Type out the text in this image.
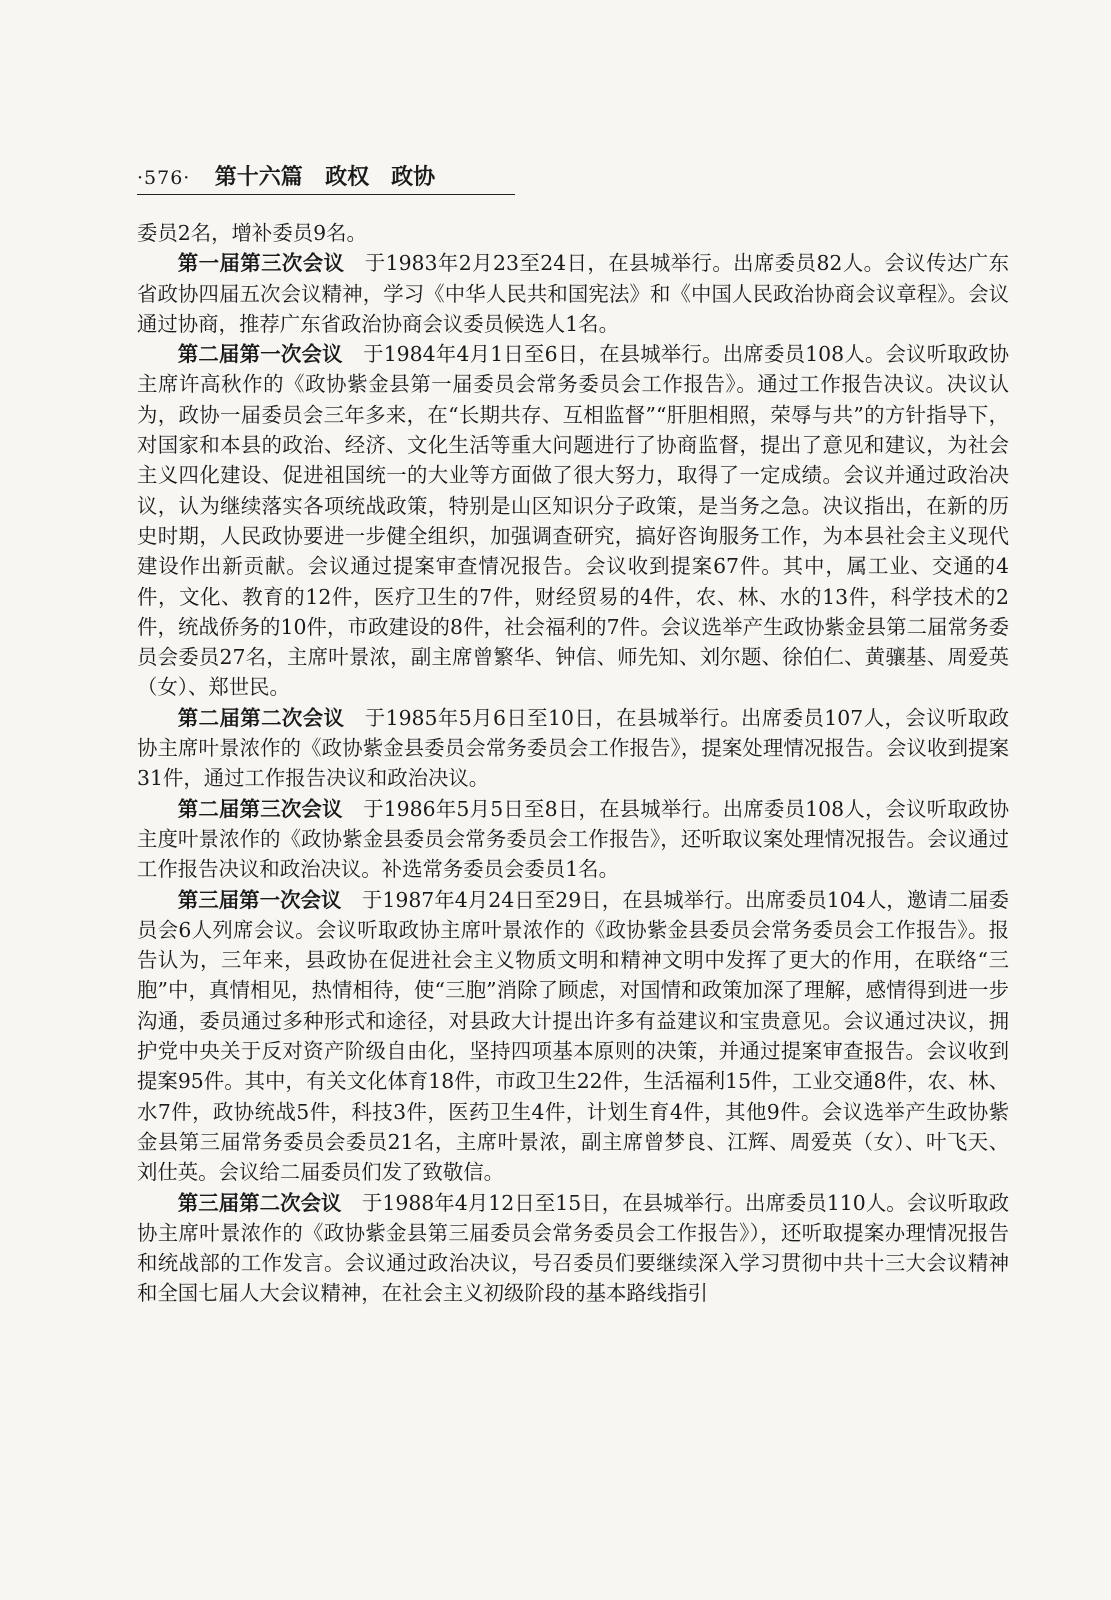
·576· 第十六篇 政权　政协

委员2名，增补委员9名。

第一届第三次会议 于1983年2月23至24日，在县城举行。出席委员82人。会议传达广东省政协四届五次会议精神，学习《中华人民共和国宪法》和《中国人民政治协商会议章程》。会议通过协商，推荐广东省政治协商会议委员候选人1名。

第二届第一次会议 于1984年4月1日至6日，在县城举行。出席委员108人。会议听取政协主席许高秋作的《政协紫金县第一届委员会常务委员会工作报告》。通过工作报告决议。决议认为，政协一届委员会三年多来，在“长期共存、互相监督”“肝胆相照，荣辱与共”的方针指导下，对国家和本县的政治、经济、文化生活等重大问题进行了协商监督，提出了意见和建议，为社会主义四化建设、促进祖国统一的大业等方面做了很大努力，取得了一定成绩。会议并通过政治决议，认为继续落实各项统战政策，特别是山区知识分子政策，是当务之急。决议指出，在新的历史时期，人民政协要进一步健全组织，加强调查研究，搞好咨询服务工作，为本县社会主义现代建设作出新贡献。会议通过提案审查情况报告。会议收到提案67件。其中，属工业、交通的4件，文化、教育的12件，医疗卫生的7件，财经贸易的4件，农、林、水的13件，科学技术的2件，统战侨务的10件，市政建设的8件，社会福利的7件。会议选举产生政协紫金县第二届常务委员会委员27名，主席叶景浓，副主席曾繁华、钟信、师先知、刘尔题、徐伯仁、黄骧基、周爱英（女）、郑世民。

第二届第二次会议 于1985年5月6日至10日，在县城举行。出席委员107人，会议听取政协主席叶景浓作的《政协紫金县委员会常务委员会工作报告》，提案处理情况报告。会议收到提案31件，通过工作报告决议和政治决议。

第二届第三次会议 于1986年5月5日至8日，在县城举行。出席委员108人，会议听取政协主度叶景浓作的《政协紫金县委员会常务委员会工作报告》，还听取议案处理情况报告。会议通过工作报告决议和政治决议。补选常务委员会委员1名。

第三届第一次会议 于1987年4月24日至29日，在县城举行。出席委员104人，邀请二届委员会6人列席会议。会议听取政协主席叶景浓作的《政协紫金县委员会常务委员会工作报告》。报告认为，三年来，县政协在促进社会主义物质文明和精神文明中发挥了更大的作用，在联络“三胞”中，真情相见，热情相待，使“三胞”消除了顾虑，对国情和政策加深了理解，感情得到进一步沟通，委员通过多种形式和途径，对县政大计提出许多有益建议和宝贵意见。会议通过决议，拥护党中央关于反对资产阶级自由化，坚持四项基本原则的决策，并通过提案审查报告。会议收到提案95件。其中，有关文化体育18件，市政卫生22件，生活福利15件，工业交通8件，农、林、水7件，政协统战5件，科技3件，医药卫生4件，计划生育4件，其他9件。会议选举产生政协紫金县第三届常务委员会委员21名，主席叶景浓，副主席曾梦良、江辉、周爱英（女）、叶飞天、刘仕英。会议给二届委员们发了致敬信。

第三届第二次会议 于1988年4月12日至15日，在县城举行。出席委员110人。会议听取政协主席叶景浓作的《政协紫金县第三届委员会常务委员会工作报告》），还听取提案办理情况报告和统战部的工作发言。会议通过政治决议，号召委员们要继续深入学习贯彻中共十三大会议精神和全国七届人大会议精神，在社会主义初级阶段的基本路线指引
